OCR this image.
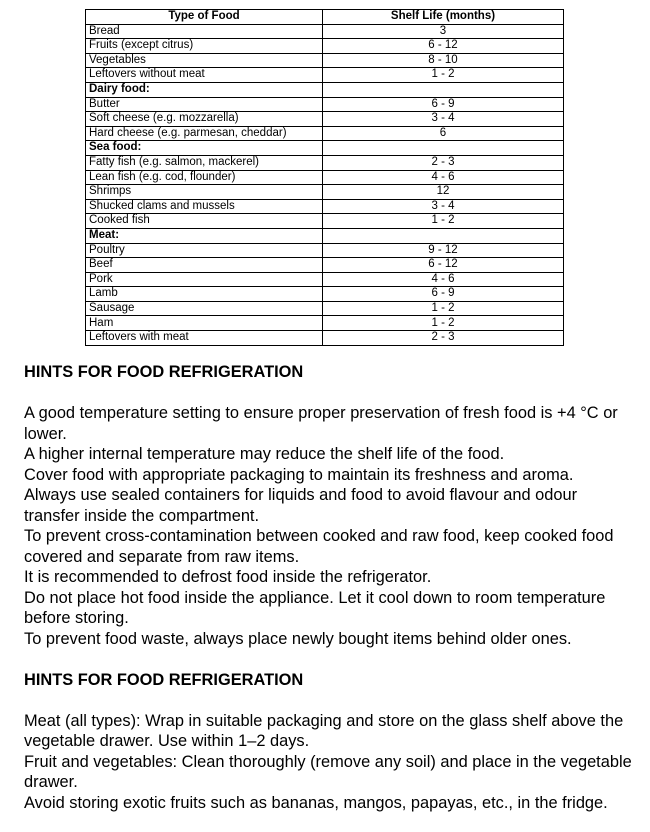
Type of Food	Shelf Life (months)
Bread	3
Fruits (except citrus)	6 - 12
Vegetables	8 - 10
Leftovers without meat	1 - 2
Dairy food:	
Butter	6 - 9
Soft cheese (e.g. mozzarella)	3 - 4
Hard cheese (e.g. parmesan, cheddar)	6
Sea food:	
Fatty fish (e.g. salmon, mackerel)	2 - 3
Lean fish (e.g. cod, flounder)	4 - 6
Shrimps	12
Shucked clams and mussels	3 - 4
Cooked fish	1 - 2
Meat:	
Poultry	9 - 12
Beef	6 - 12
Pork	4 - 6
Lamb	6 - 9
Sausage	1 - 2
Ham	1 - 2
Leftovers with meat	2 - 3
HINTS FOR FOOD REFRIGERATION

A good temperature setting to ensure proper preservation of fresh food is +4 °C or lower.

A higher internal temperature may reduce the shelf life of the food.

Cover food with appropriate packaging to maintain its freshness and aroma.

Always use sealed containers for liquids and food to avoid flavour and odour transfer inside the compartment.

To prevent cross-contamination between cooked and raw food, keep cooked food covered and separate from raw items.

It is recommended to defrost food inside the refrigerator.

Do not place hot food inside the appliance. Let it cool down to room temperature before storing.

To prevent food waste, always place newly bought items behind older ones.

HINTS FOR FOOD REFRIGERATION

Meat (all types): Wrap in suitable packaging and store on the glass shelf above the vegetable drawer. Use within 1–2 days.

Fruit and vegetables: Clean thoroughly (remove any soil) and place in the vegetable drawer.

Avoid storing exotic fruits such as bananas, mangos, papayas, etc., in the fridge.
